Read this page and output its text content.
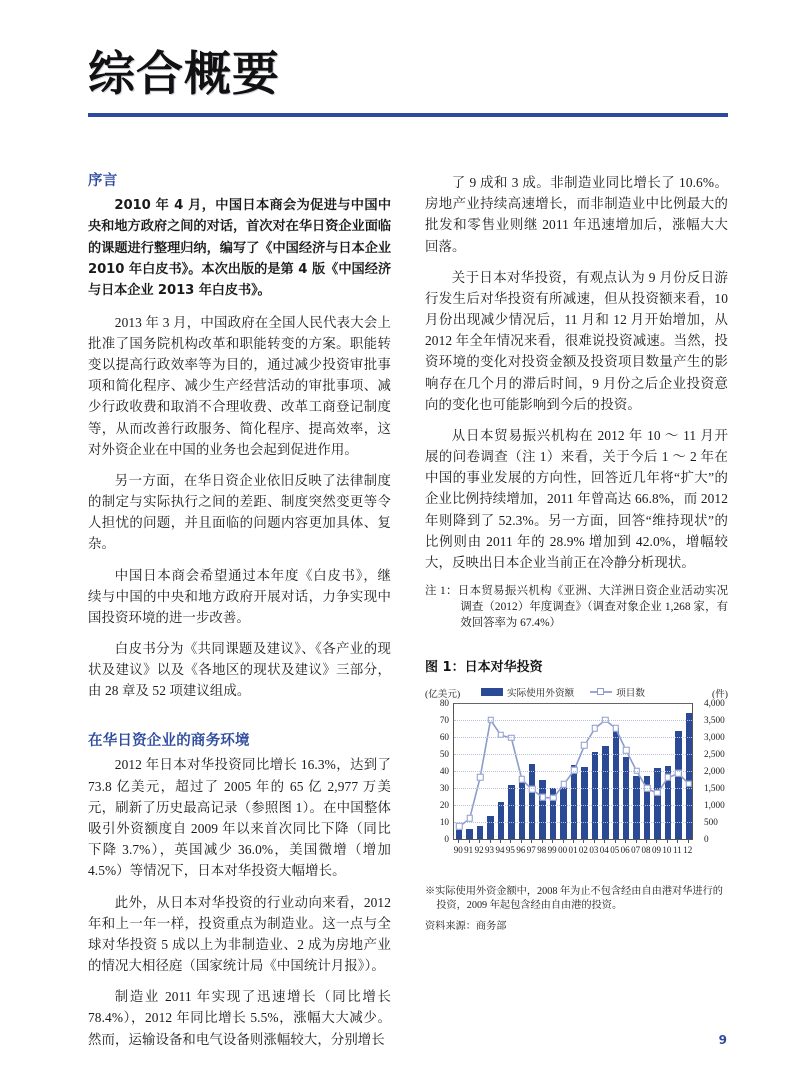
综合概要
序言

2010 年 4 月，中国日本商会为促进与中国中央和地方政府之间的对话，首次对在华日资企业面临的课题进行整理归纳，编写了《中国经济与日本企业 2010 年白皮书》。本次出版的是第 4 版《中国经济与日本企业 2013 年白皮书》。

2013 年 3 月，中国政府在全国人民代表大会上批准了国务院机构改革和职能转变的方案。职能转变以提高行政效率等为目的，通过减少投资审批事项和简化程序、减少生产经营活动的审批事项、减少行政收费和取消不合理收费、改革工商登记制度等，从而改善行政服务、简化程序、提高效率，这对外资企业在中国的业务也会起到促进作用。

另一方面，在华日资企业依旧反映了法律制度的制定与实际执行之间的差距、制度突然变更等令人担忧的问题，并且面临的问题内容更加具体、复杂。

中国日本商会希望通过本年度《白皮书》，继续与中国的中央和地方政府开展对话，力争实现中国投资环境的进一步改善。

白皮书分为《共同课题及建议》、《各产业的现状及建议》以及《各地区的现状及建议》三部分，由 28 章及 52 项建议组成。

在华日资企业的商务环境

2012 年日本对华投资同比增长 16.3%，达到了 73.8 亿美元，超过了 2005 年的 65 亿 2,977 万美元，刷新了历史最高记录（参照图 1）。在中国整体吸引外资额度自 2009 年以来首次同比下降（同比下降 3.7%），英国减少 36.0%，美国微增（增加 4.5%）等情况下，日本对华投资大幅增长。

此外，从日本对华投资的行业动向来看，2012 年和上一年一样，投资重点为制造业。这一点与全球对华投资 5 成以上为非制造业、2 成为房地产业的情况大相径庭（国家统计局《中国统计月报》）。

制造业 2011 年实现了迅速增长（同比增长 78.4%），2012 年同比增长 5.5%，涨幅大大减少。然而，运输设备和电气设备则涨幅较大，分别增长

了 9 成和 3 成。非制造业同比增长了 10.6%。房地产业持续高速增长，而非制造业中比例最大的批发和零售业则继 2011 年迅速增加后，涨幅大大回落。

关于日本对华投资，有观点认为 9 月份反日游行发生后对华投资有所减速，但从投资额来看，10 月份出现减少情况后，11 月和 12 月开始增加，从 2012 年全年情况来看，很难说投资减速。当然，投资环境的变化对投资金额及投资项目数量产生的影响存在几个月的滞后时间，9 月份之后企业投资意向的变化也可能影响到今后的投资。

从日本贸易振兴机构在 2012 年 10 ～ 11 月开展的问卷调查（注 1）来看，关于今后 1 ～ 2 年在中国的事业发展的方向性，回答近几年将“扩大”的企业比例持续增加，2011 年曾高达 66.8%，而 2012 年则降到了 52.3%。另一方面，回答“维持现状”的比例则由 2011 年的 28.9% 增加到 42.0%，增幅较大，反映出日本企业当前正在冷静分析现状。

注 1：日本贸易振兴机构《亚洲、大洋洲日资企业活动实况调查（2012）年度调查》（调查对象企业 1,268 家，有效回答率为 67.4%）

图 1：日本对华投资
(亿美元)	实际使用外资额	项目数	(件)
0
10
20
30
40
50
60
70
80
0
500
1,000
1,500
2,000
2,500
3,000
3,500
4,000
90 91 92 93 94 95 96 97 98 99 00 01 02 03 04 05 06 07 08 09 10 11 12

※实际使用外资金额中，2008 年为止不包含经由自由港对华进行的投资，2009 年起包含经由自由港的投资。

资料来源：商务部

9
